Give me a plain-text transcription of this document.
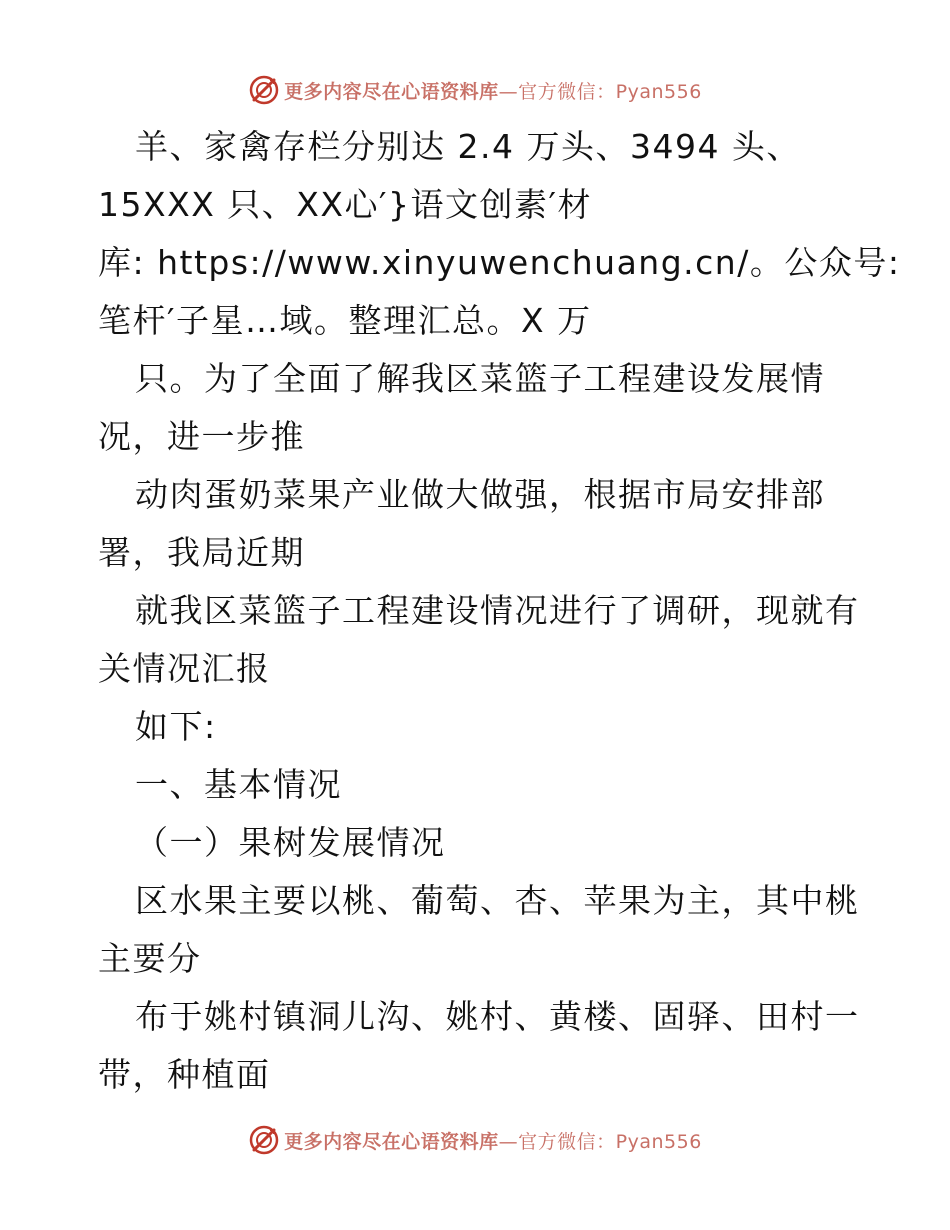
更多内容尽在心语资料库—官方微信：Pyan556
羊、家禽存栏分别达 2.4 万头、3494 头、
15XXX 只、XX心′}语文创素′材
库: https://www.xinyuwenchuang.cn/。公众号:
笔杆′子星…域。整理汇总。X 万
只。为了全面了解我区菜篮子工程建设发展情
况，进一步推
动肉蛋奶菜果产业做大做强，根据市局安排部
署，我局近期
就我区菜篮子工程建设情况进行了调研，现就有
关情况汇报
如下:
一、基本情况
（一）果树发展情况
区水果主要以桃、葡萄、杏、苹果为主，其中桃
主要分
布于姚村镇洞儿沟、姚村、黄楼、固驿、田村一
带，种植面
更多内容尽在心语资料库—官方微信：Pyan556
